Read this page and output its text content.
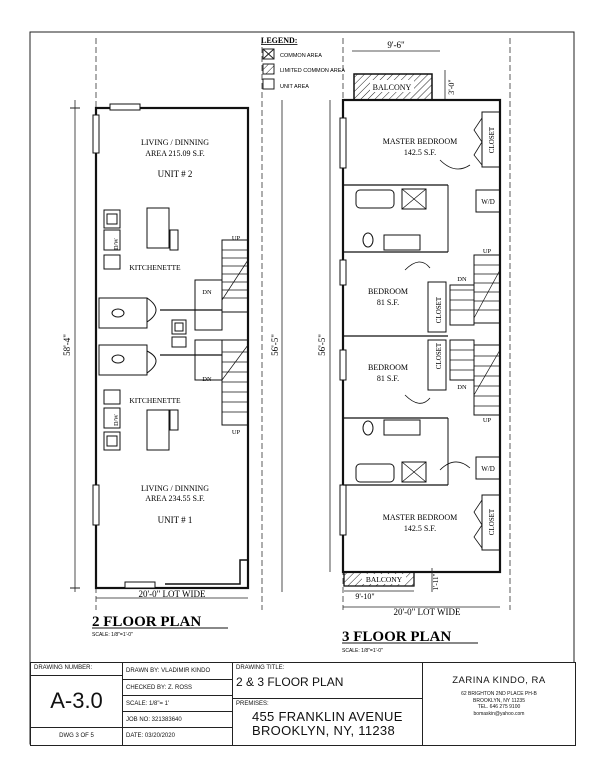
LEGEND:
COMMON AREA
LIMITED COMMON AREA
UNIT AREA
58'-4"	56'-5"
D/W
D/W
LIVING / DINNING
AREA 215.09 S.F.
UNIT # 2
KITCHENETTE
KITCHENETTE
LIVING / DINNING
AREA 234.55 S.F.
UNIT # 1
UP
DN
DN
UP
20'-0" LOT WIDE
2 FLOOR PLAN
SCALE: 1/8"=1'-0"
9'-6"
3'-0"
BALCONY
BALCONY
9'-10"
1'-11"
56'-5"
CLOSET
CLOSET
CLOSET
CLOSET
W/D
W/D
UP
DN
DN
UP
MASTER BEDROOM
142.5 S.F.
BEDROOM
81 S.F.
BEDROOM
81 S.F.
MASTER BEDROOM
142.5 S.F.
20'-0" LOT WIDE
3 FLOOR PLAN
SCALE: 1/8"=1'-0"
DRAWING NUMBER:
A-3.0
DWG 3 OF 5
DRAWN BY: VLADIMIR KINDO
CHECKED BY: Z. ROSS
SCALE: 1/8"= 1'
JOB NO: 321383640
DATE: 03/20/2020
DRAWING TITLE:
2 & 3 FLOOR PLAN
PREMISES:
455 FRANKLIN AVENUE
BROOKLYN, NY, 11238
ZARINA KINDO, RA
62 BRIGHTON 2ND PLACE PH-B
BROOKLYN, NY 11235
TEL. 646 275 9100
bomaskin@yahoo.com
